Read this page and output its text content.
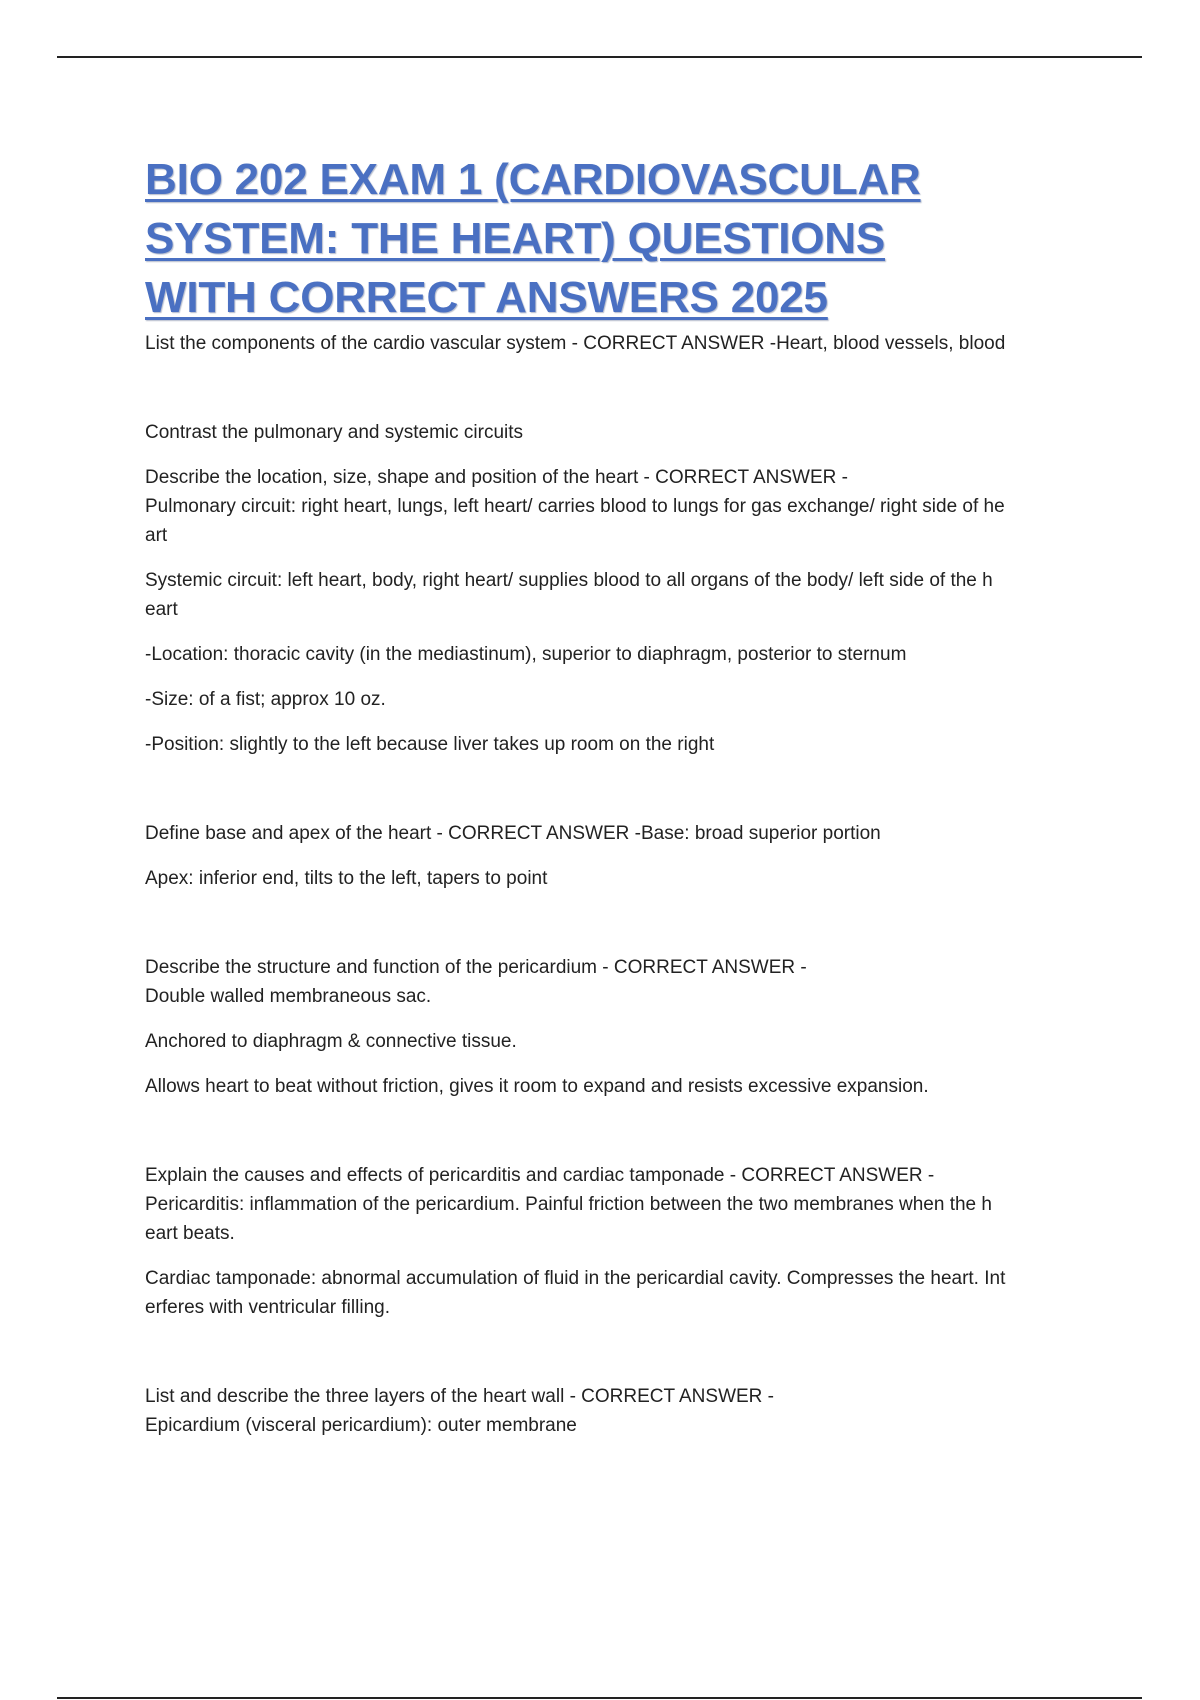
BIO 202 EXAM 1 (CARDIOVASCULAR
SYSTEM: THE HEART) QUESTIONS
WITH CORRECT ANSWERS 2025

List the components of the cardio vascular system - CORRECT ANSWER -Heart, blood vessels, blood

Contrast the pulmonary and systemic circuits

Describe the location, size, shape and position of the heart - CORRECT ANSWER -

Pulmonary circuit: right heart, lungs, left heart/ carries blood to lungs for gas exchange/ right side of he

art

Systemic circuit: left heart, body, right heart/ supplies blood to all organs of the body/ left side of the h

eart

-Location: thoracic cavity (in the mediastinum), superior to diaphragm, posterior to sternum

-Size: of a fist; approx 10 oz.

-Position: slightly to the left because liver takes up room on the right

Define base and apex of the heart - CORRECT ANSWER -Base: broad superior portion

Apex: inferior end, tilts to the left, tapers to point

Describe the structure and function of the pericardium - CORRECT ANSWER -

Double walled membraneous sac.

Anchored to diaphragm & connective tissue.

Allows heart to beat without friction, gives it room to expand and resists excessive expansion.

Explain the causes and effects of pericarditis and cardiac tamponade - CORRECT ANSWER -

Pericarditis: inflammation of the pericardium. Painful friction between the two membranes when the h

eart beats.

Cardiac tamponade: abnormal accumulation of fluid in the pericardial cavity. Compresses the heart. Int

erferes with ventricular filling.

List and describe the three layers of the heart wall - CORRECT ANSWER -

Epicardium (visceral pericardium): outer membrane
